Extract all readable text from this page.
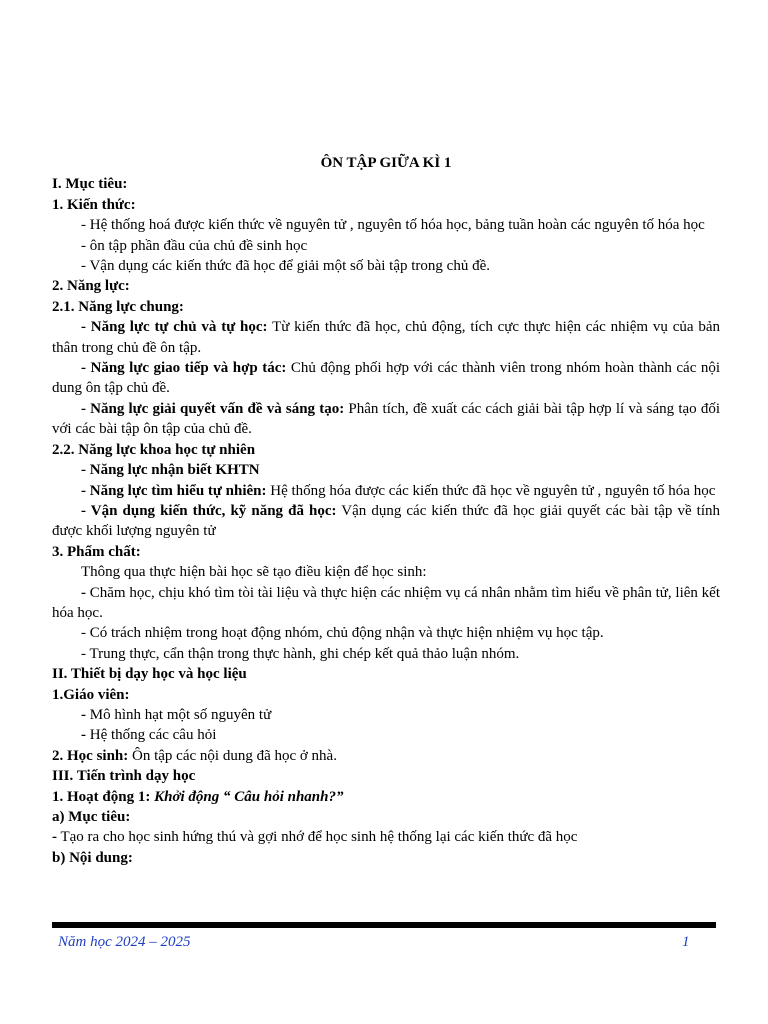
ÔN TẬP GIỮA KÌ 1
I. Mục tiêu:
1. Kiến thức:
- Hệ thống hoá được kiến thức về nguyên tử , nguyên tố hóa học, bảng tuần hoàn các nguyên tố hóa học
- ôn tập phần đầu của chủ đề sinh học
- Vận dụng các kiến thức đã học để giải một số bài tập trong chủ đề.
2. Năng lực:
2.1. Năng lực chung:
- Năng lực tự chủ và tự học: Từ kiến thức đã học, chủ động, tích cực thực hiện các nhiệm vụ của bản thân trong chủ đề ôn tập.
- Năng lực giao tiếp và hợp tác: Chủ động phối hợp với các thành viên trong nhóm hoàn thành các nội dung ôn tập chủ đề.
- Năng lực giải quyết vấn đề và sáng tạo: Phân tích, đề xuất các cách giải bài tập hợp lí và sáng tạo đối với các bài tập ôn tập của chủ đề.
2.2. Năng lực khoa học tự nhiên
- Năng lực nhận biết KHTN
- Năng lực tìm hiểu tự nhiên: Hệ thống hóa được các kiến thức đã học về nguyên tử , nguyên tố hóa học
- Vận dụng kiến thức, kỹ năng đã học: Vận dụng các kiến thức đã học giải quyết các bài tập về tính được khối lượng nguyên tử
3. Phẩm chất:
Thông qua thực hiện bài học sẽ tạo điều kiện để học sinh:
- Chăm học, chịu khó tìm tòi tài liệu và thực hiện các nhiệm vụ cá nhân nhằm tìm hiểu về phân tử, liên kết hóa học.
- Có trách nhiệm trong hoạt động nhóm, chủ động nhận và thực hiện nhiệm vụ học tập.
- Trung thực, cẩn thận trong thực hành, ghi chép kết quả thảo luận nhóm.
II. Thiết bị dạy học và học liệu
1.Giáo viên:
- Mô hình hạt một số nguyên tử
- Hệ thống các câu hỏi
2. Học sinh: Ôn tập các nội dung đã học ở nhà.
III. Tiến trình dạy học
1. Hoạt động 1: Khởi động “ Câu hỏi nhanh?”
a) Mục tiêu:
- Tạo ra cho học sinh hứng thú và gợi nhớ để học sinh hệ thống lại các kiến thức đã học
b) Nội dung:
Năm học 2024 – 2025	1
